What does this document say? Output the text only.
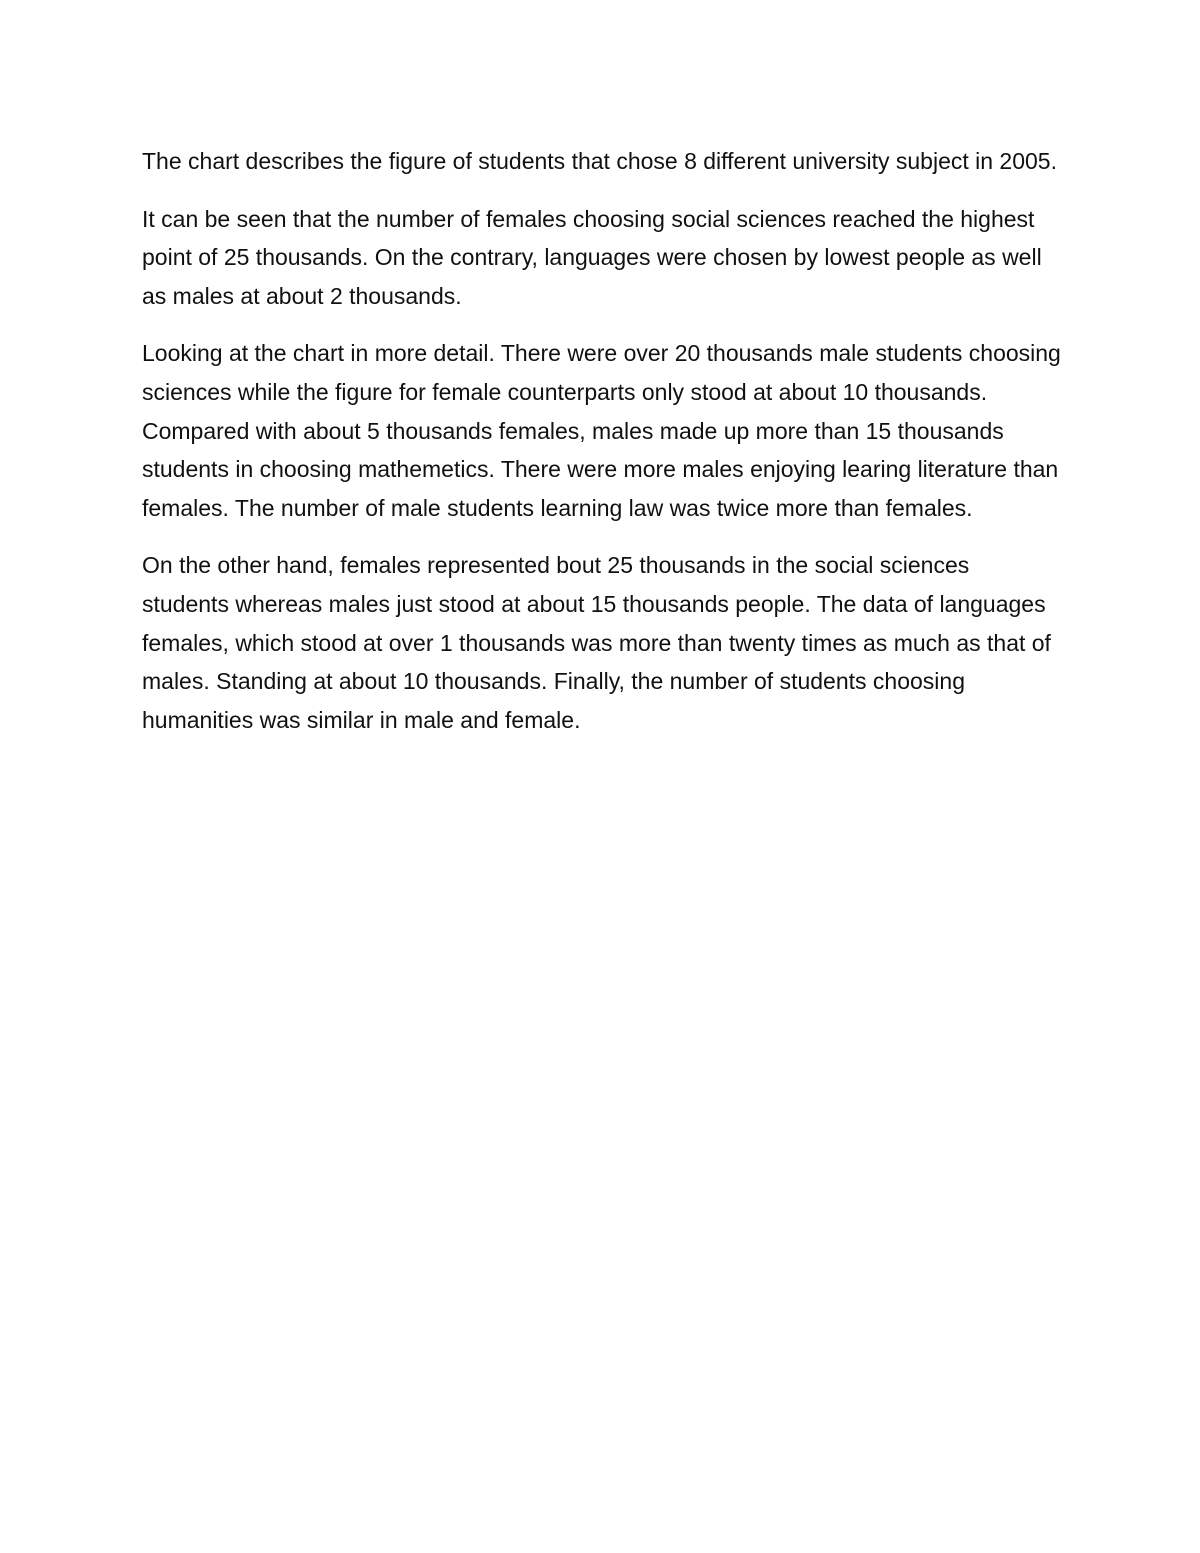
The chart describes the figure of students that chose 8 different university subject in 2005.

It can be seen that the number of females choosing social sciences reached the highest point of 25 thousands. On the contrary, languages were chosen by lowest people as well as males at about 2 thousands.

Looking at the chart in more detail. There were over 20 thousands male students choosing sciences while the figure for female counterparts only stood at about 10 thousands. Compared with about 5 thousands females, males made up more than 15 thousands students in choosing mathemetics. There were more males enjoying learing literature than females. The number of male students learning law was twice more than females.

On the other hand, females represented bout 25 thousands in the social sciences students whereas males just stood at about 15 thousands people. The data of languages females, which stood at over 1 thousands was more than twenty times as much as that of males. Standing at about 10 thousands. Finally, the number of students choosing humanities was similar in male and female.
